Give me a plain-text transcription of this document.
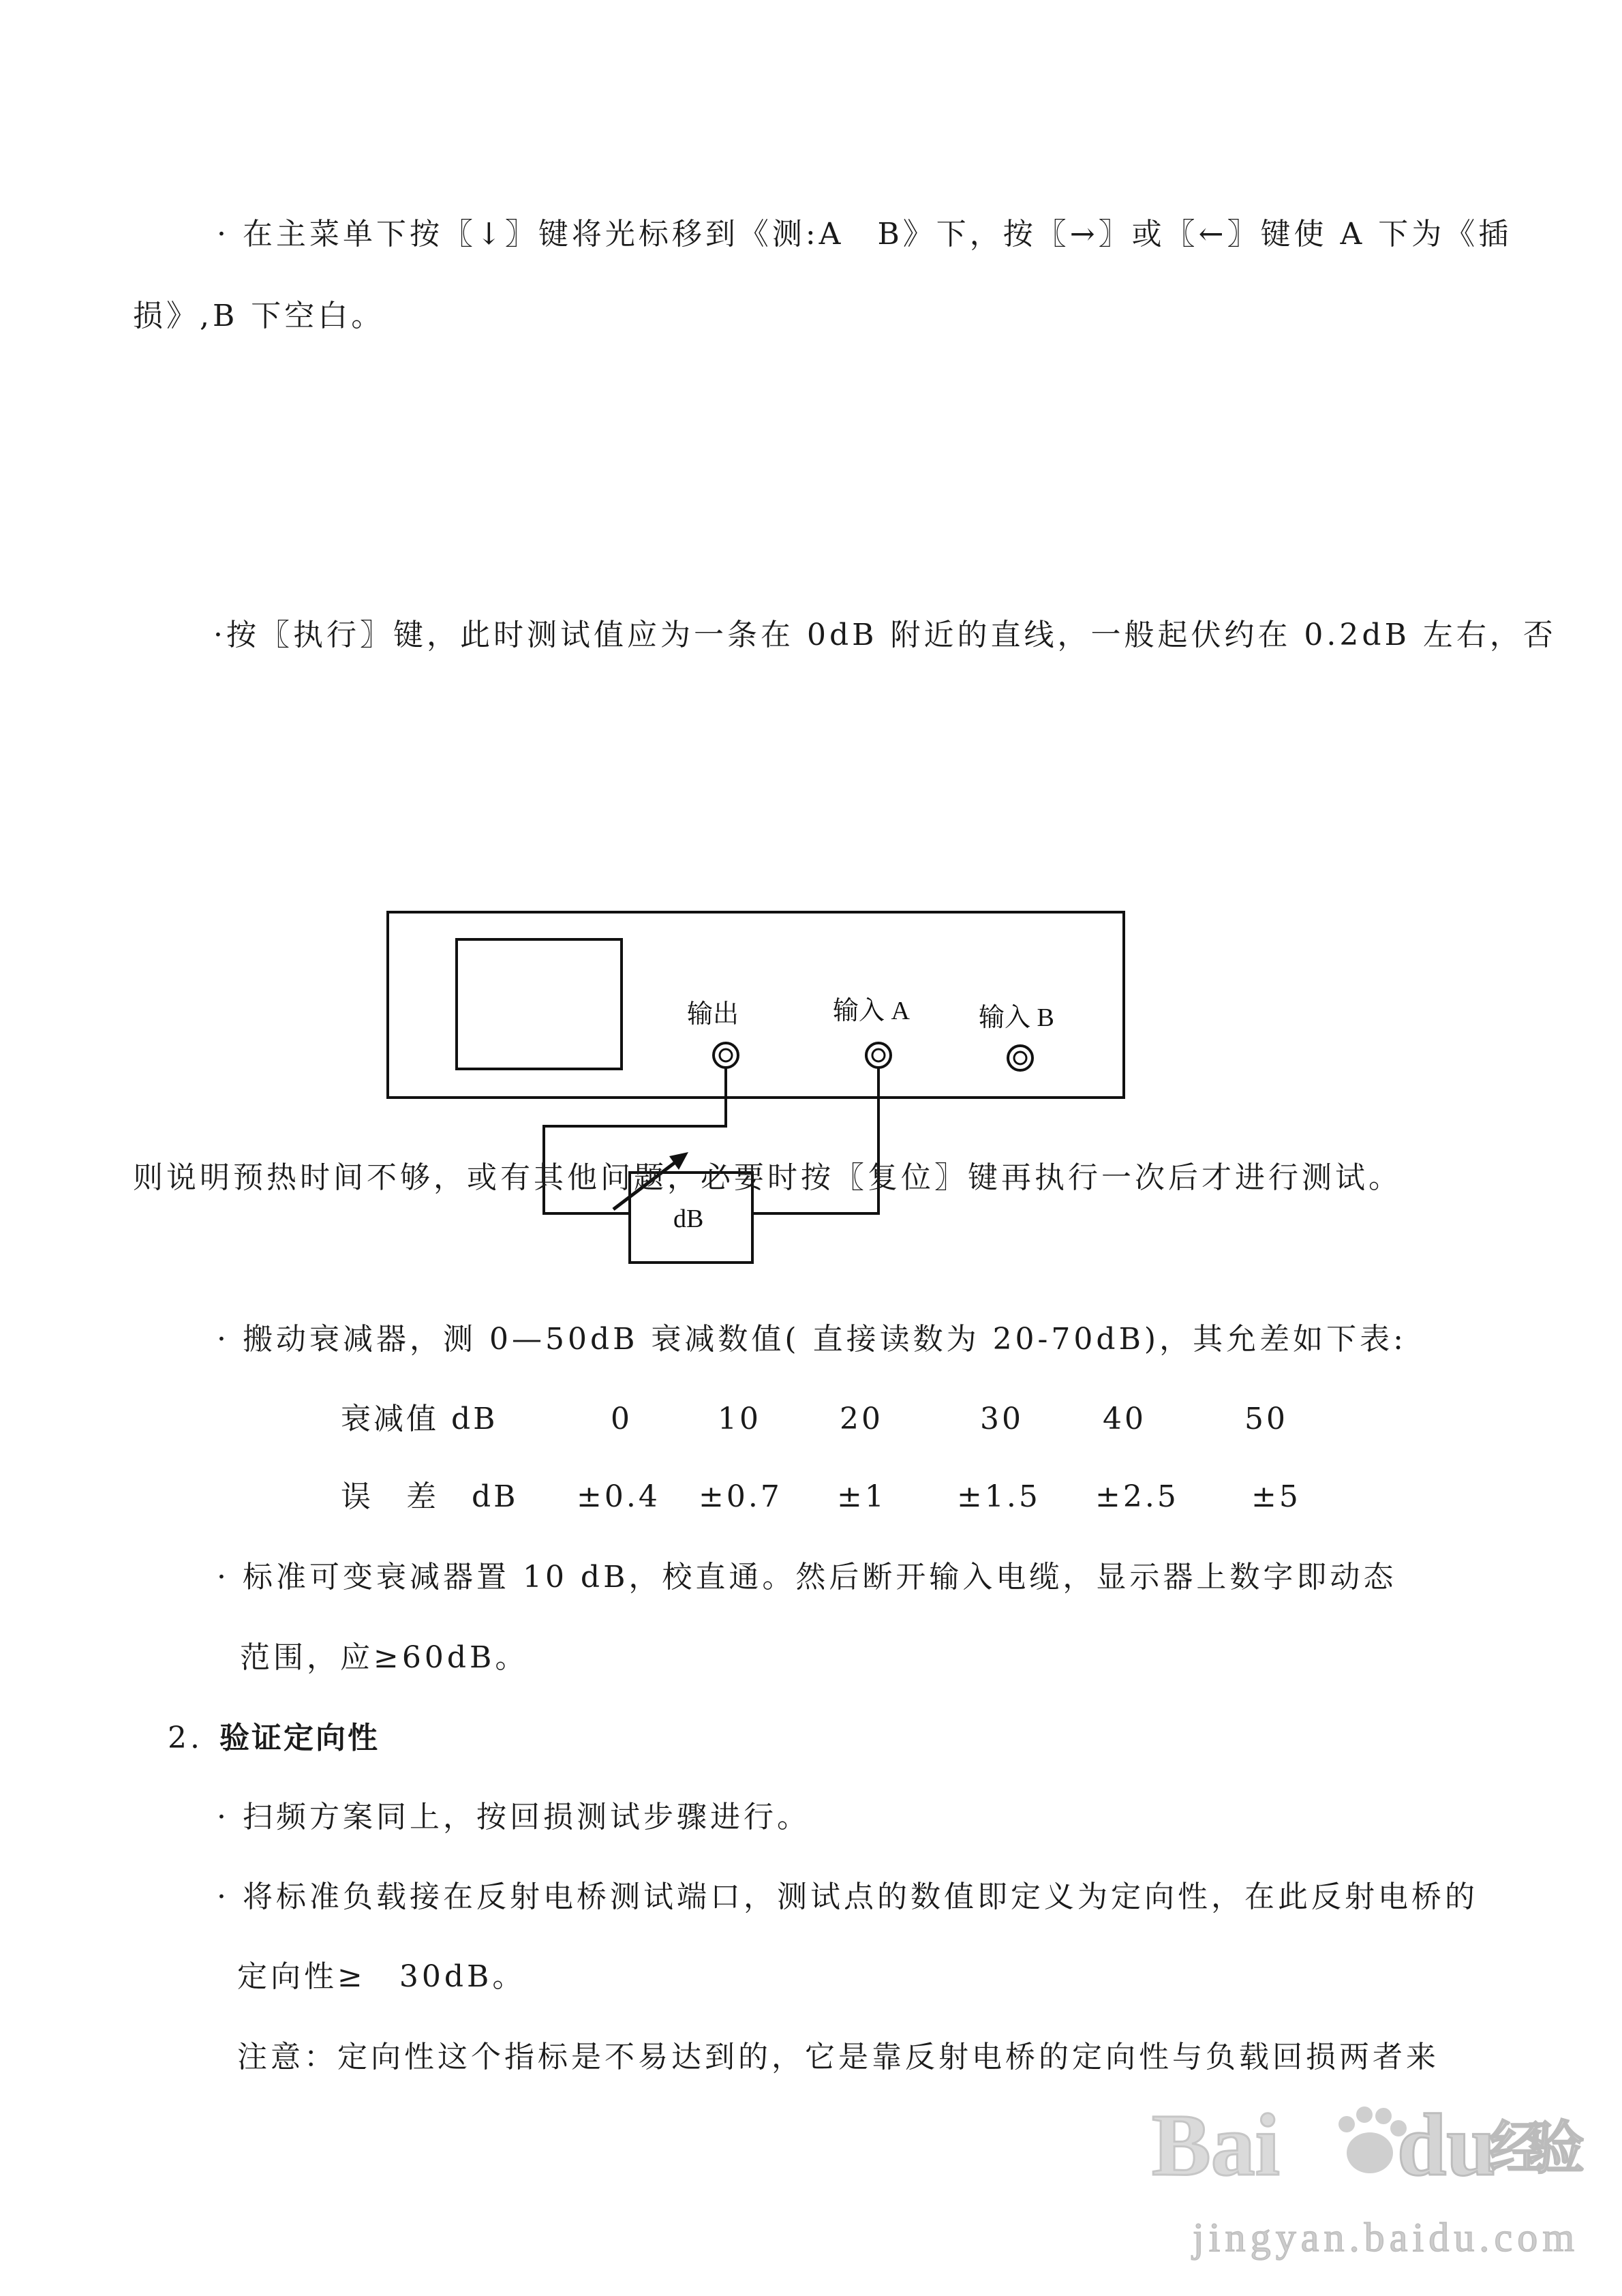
· 在主菜单下按〖↓〗键将光标移到《测:A　B》下，按〖→〗或〖←〗键使 A 下为《插
损》,B 下空白。
·按〖执行〗键，此时测试值应为一条在 0dB 附近的直线，一般起伏约在 0.2dB 左右，否
输出	输入 A	输入 B
dB
则说明预热时间不够，或有其他问题，必要时按〖复位〗键再执行一次后才进行测试。
· 搬动衰减器，测 0—50dB 衰减数值( 直接读数为 20-70dB)，其允差如下表:
衰减值 dB	0	10	20	30	40	50
误　差　dB ±0.4 ±0.7 ±1 ±1.5 ±2.5 ±5
· 标准可变衰减器置 10 dB，校直通。然后断开输入电缆，显示器上数字即动态
范围，应≥60dB。
2. 验证定向性
· 扫频方案同上，按回损测试步骤进行。
· 将标准负载接在反射电桥测试端口，测试点的数值即定义为定向性，在此反射电桥的
定向性≥　30dB。
注意：定向性这个指标是不易达到的，它是靠反射电桥的定向性与负载回损两者来
Bai du
经验
jingyan.baidu.com
